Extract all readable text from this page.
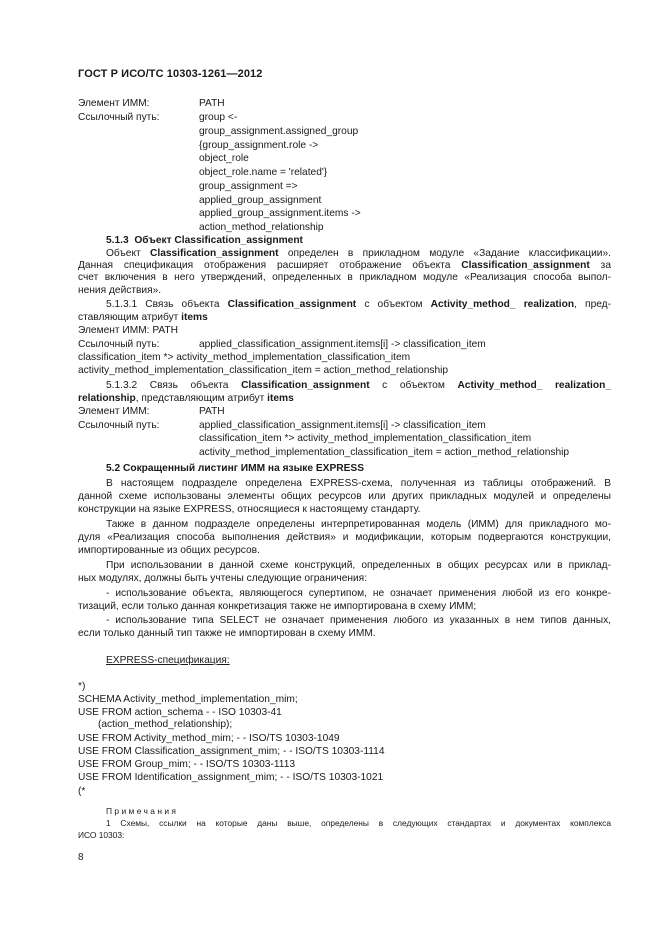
ГОСТ Р ИСО/ТС 10303-1261—2012
Элемент ИММ:	PATH
Ссылочный путь:	group <-
group_assignment.assigned_group
{group_assignment.role ->
object_role
object_role.name = 'related'}
group_assignment =>
applied_group_assignment
applied_group_assignment.items ->
action_method_relationship
5.1.3 Объект Classification_assignment
Объект Classification_assignment определен в прикладном модуле «Задание классификации».
Данная спецификация отображения расширяет отображение объекта Classification_assignment за
счет включения в него утверждений, определенных в прикладном модуле «Реализация способа выпол-
нения действия».
5.1.3.1 Связь объекта Classification_assignment с объектом Activity_method_ realization, пред-
ставляющим атрибут items
Элемент ИММ: PATH
Ссылочный путь:	applied_classification_assignment.items[i] -> classification_item
classification_item *> activity_method_implementation_classification_item
activity_method_implementation_classification_item = action_method_relationship
5.1.3.2 Связь объекта Classification_assignment с объектом Activity_method_ realization_
relationship, представляющим атрибут items
Элемент ИММ:	PATH
Ссылочный путь:	applied_classification_assignment.items[i] -> classification_item
classification_item *> activity_method_implementation_classification_item
activity_method_implementation_classification_item = action_method_relationship
5.2 Сокращенный листинг ИММ на языке EXPRESS
В настоящем подразделе определена EXPRESS-схема, полученная из таблицы отображений. В
данной схеме использованы элементы общих ресурсов или других прикладных модулей и определены
конструкции на языке EXPRESS, относящиеся к настоящему стандарту.
Также в данном подразделе определены интерпретированная модель (ИММ) для прикладного мо-
дуля «Реализация способа выполнения действия» и модификации, которым подвергаются конструкции,
импортированные из общих ресурсов.
При использовании в данной схеме конструкций, определенных в общих ресурсах или в приклад-
ных модулях, должны быть учтены следующие ограничения:
- использование объекта, являющегося супертипом, не означает применения любой из его конкре-
тизаций, если только данная конкретизация также не импортирована в схему ИММ;
- использование типа SELECT не означает применения любого из указанных в нем типов данных,
если только данный тип также не импортирован в схему ИММ.
EXPRESS-спецификация:
*)
SCHEMA Activity_method_implementation_mim;
USE FROM action_schema - - ISO 10303-41
(action_method_relationship);
USE FROM Activity_method_mim; - - ISO/TS 10303-1049
USE FROM Classification_assignment_mim; - - ISO/TS 10303-1114
USE FROM Group_mim; - - ISO/TS 10303-1113
USE FROM Identification_assignment_mim; - - ISO/TS 10303-1021
(*
Примечания
1 Схемы, ссылки на которые даны выше, определены в следующих стандартах и документах комплекса
ИСО 10303:
8
